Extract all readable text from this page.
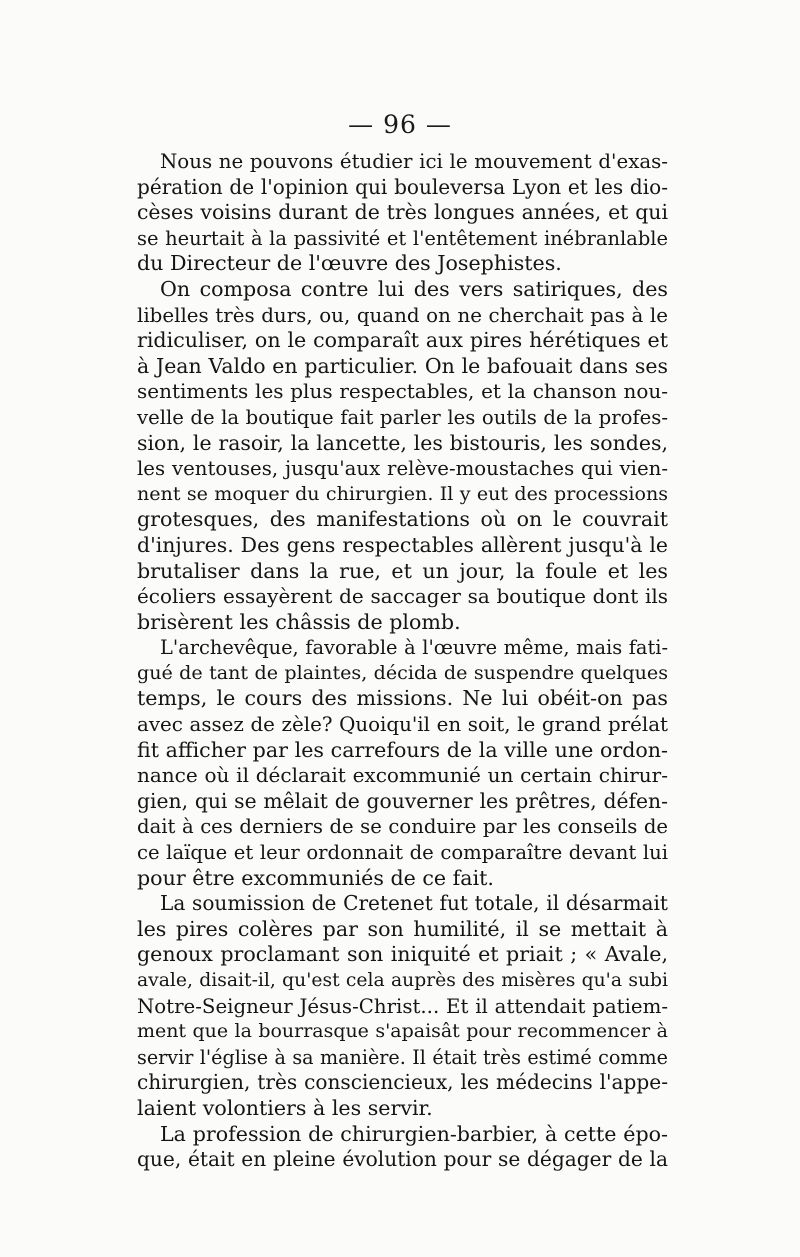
— 96 —
Nous ne pouvons étudier ici le mouvement d'exas-
pération de l'opinion qui bouleversa Lyon et les dio-
cèses voisins durant de très longues années, et qui
se heurtait à la passivité et l'entêtement inébranlable
du Directeur de l'œuvre des Josephistes.
On composa contre lui des vers satiriques, des
libelles très durs, ou, quand on ne cherchait pas à le
ridiculiser, on le comparaît aux pires hérétiques et
à Jean Valdo en particulier. On le bafouait dans ses
sentiments les plus respectables, et la chanson nou-
velle de la boutique fait parler les outils de la profes-
sion, le rasoir, la lancette, les bistouris, les sondes,
les ventouses, jusqu'aux relève-moustaches qui vien-
nent se moquer du chirurgien. Il y eut des processions
grotesques, des manifestations où on le couvrait
d'injures. Des gens respectables allèrent jusqu'à le
brutaliser dans la rue, et un jour, la foule et les
écoliers essayèrent de saccager sa boutique dont ils
brisèrent les châssis de plomb.
L'archevêque, favorable à l'œuvre même, mais fati-
gué de tant de plaintes, décida de suspendre quelques
temps, le cours des missions. Ne lui obéit-on pas
avec assez de zèle? Quoiqu'il en soit, le grand prélat
fit afficher par les carrefours de la ville une ordon-
nance où il déclarait excommunié un certain chirur-
gien, qui se mêlait de gouverner les prêtres, défen-
dait à ces derniers de se conduire par les conseils de
ce laïque et leur ordonnait de comparaître devant lui
pour être excommuniés de ce fait.
La soumission de Cretenet fut totale, il désarmait
les pires colères par son humilité, il se mettait à
genoux proclamant son iniquité et priait ; « Avale,
avale, disait-il, qu'est cela auprès des misères qu'a subi
Notre-Seigneur Jésus-Christ... Et il attendait patiem-
ment que la bourrasque s'apaisât pour recommencer à
servir l'église à sa manière. Il était très estimé comme
chirurgien, très consciencieux, les médecins l'appe-
laient volontiers à les servir.
La profession de chirurgien-barbier, à cette épo-
que, était en pleine évolution pour se dégager de la
